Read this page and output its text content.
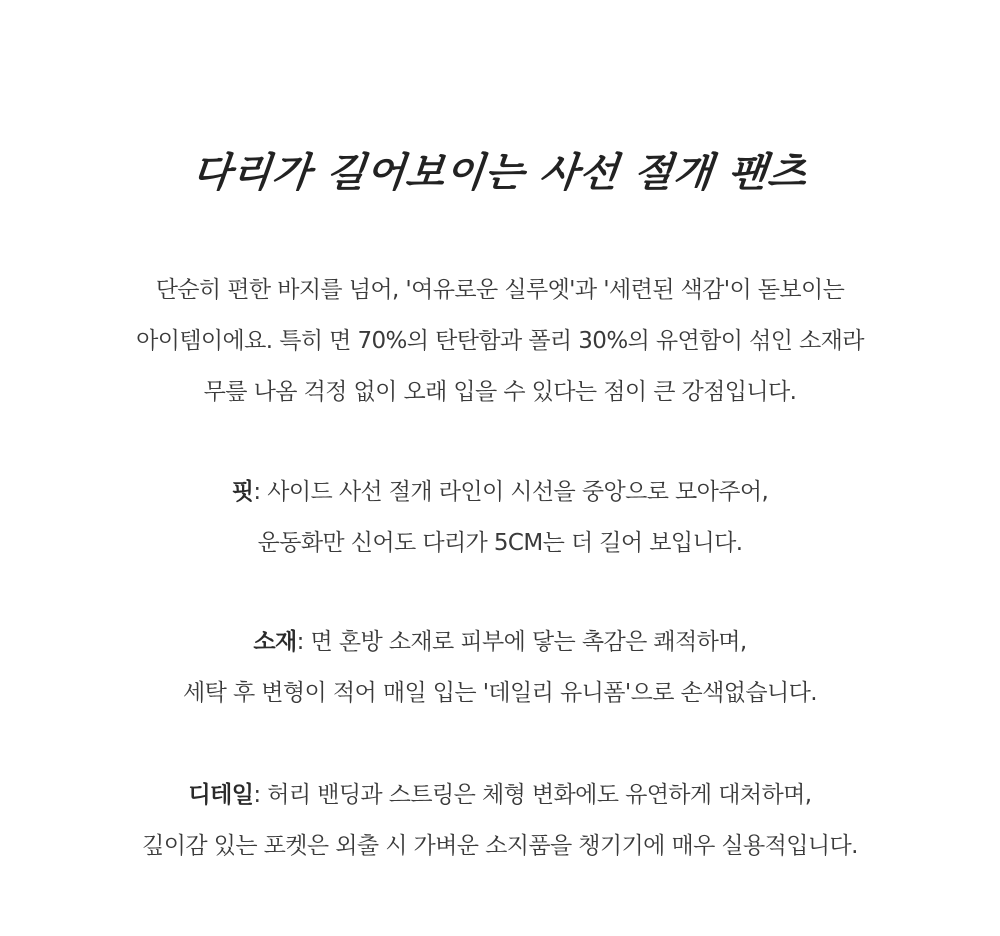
다리가 길어보이는 사선 절개 팬츠
단순히 편한 바지를 넘어, '여유로운 실루엣'과 '세련된 색감'이 돋보이는
아이템이에요. 특히 면 70%의 탄탄함과 폴리 30%의 유연함이 섞인 소재라
무릎 나옴 걱정 없이 오래 입을 수 있다는 점이 큰 강점입니다.
핏: 사이드 사선 절개 라인이 시선을 중앙으로 모아주어,
운동화만 신어도 다리가 5CM는 더 길어 보입니다.
소재: 면 혼방 소재로 피부에 닿는 촉감은 쾌적하며,
세탁 후 변형이 적어 매일 입는 '데일리 유니폼'으로 손색없습니다.
디테일: 허리 밴딩과 스트링은 체형 변화에도 유연하게 대처하며,
깊이감 있는 포켓은 외출 시 가벼운 소지품을 챙기기에 매우 실용적입니다.
